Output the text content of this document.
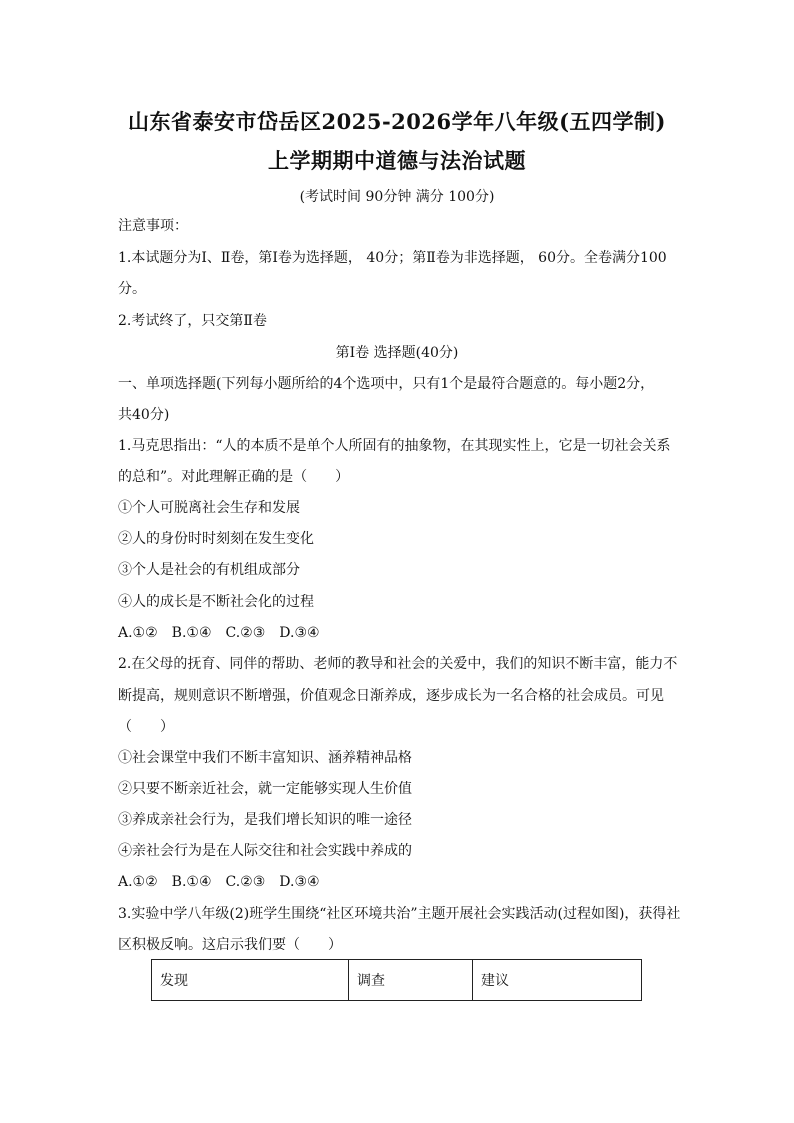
山东省泰安市岱岳区2025-2026学年八年级(五四学制)
上学期期中道德与法治试题
(考试时间 90分钟 满分 100分)
注意事项：
1.本试题分为Ⅰ、Ⅱ卷，第Ⅰ卷为选择题， 40分；第Ⅱ卷为非选择题， 60分。全卷满分100
分。
2.考试终了，只交第Ⅱ卷
第Ⅰ卷 选择题(40分)
一、单项选择题(下列每小题所给的4个选项中，只有1个是最符合题意的。每小题2分，
共40分)
1.马克思指出：“人的本质不是单个人所固有的抽象物，在其现实性上，它是一切社会关系
的总和”。对此理解正确的是（　　）
①个人可脱离社会生存和发展
②人的身份时时刻刻在发生变化
③个人是社会的有机组成部分
④人的成长是不断社会化的过程
A.①②　B.①④　C.②③　D.③④
2.在父母的抚育、同伴的帮助、老师的教导和社会的关爱中，我们的知识不断丰富，能力不
断提高，规则意识不断增强，价值观念日渐养成，逐步成长为一名合格的社会成员。可见
（　　）
①社会课堂中我们不断丰富知识、涵养精神品格
②只要不断亲近社会，就一定能够实现人生价值
③养成亲社会行为，是我们增长知识的唯一途径
④亲社会行为是在人际交往和社会实践中养成的
A.①②　B.①④　C.②③　D.③④
3.实验中学八年级(2)班学生围绕“社区环境共治”主题开展社会实践活动(过程如图)，获得社
区积极反响。这启示我们要（　　）
发现	调查	建议
